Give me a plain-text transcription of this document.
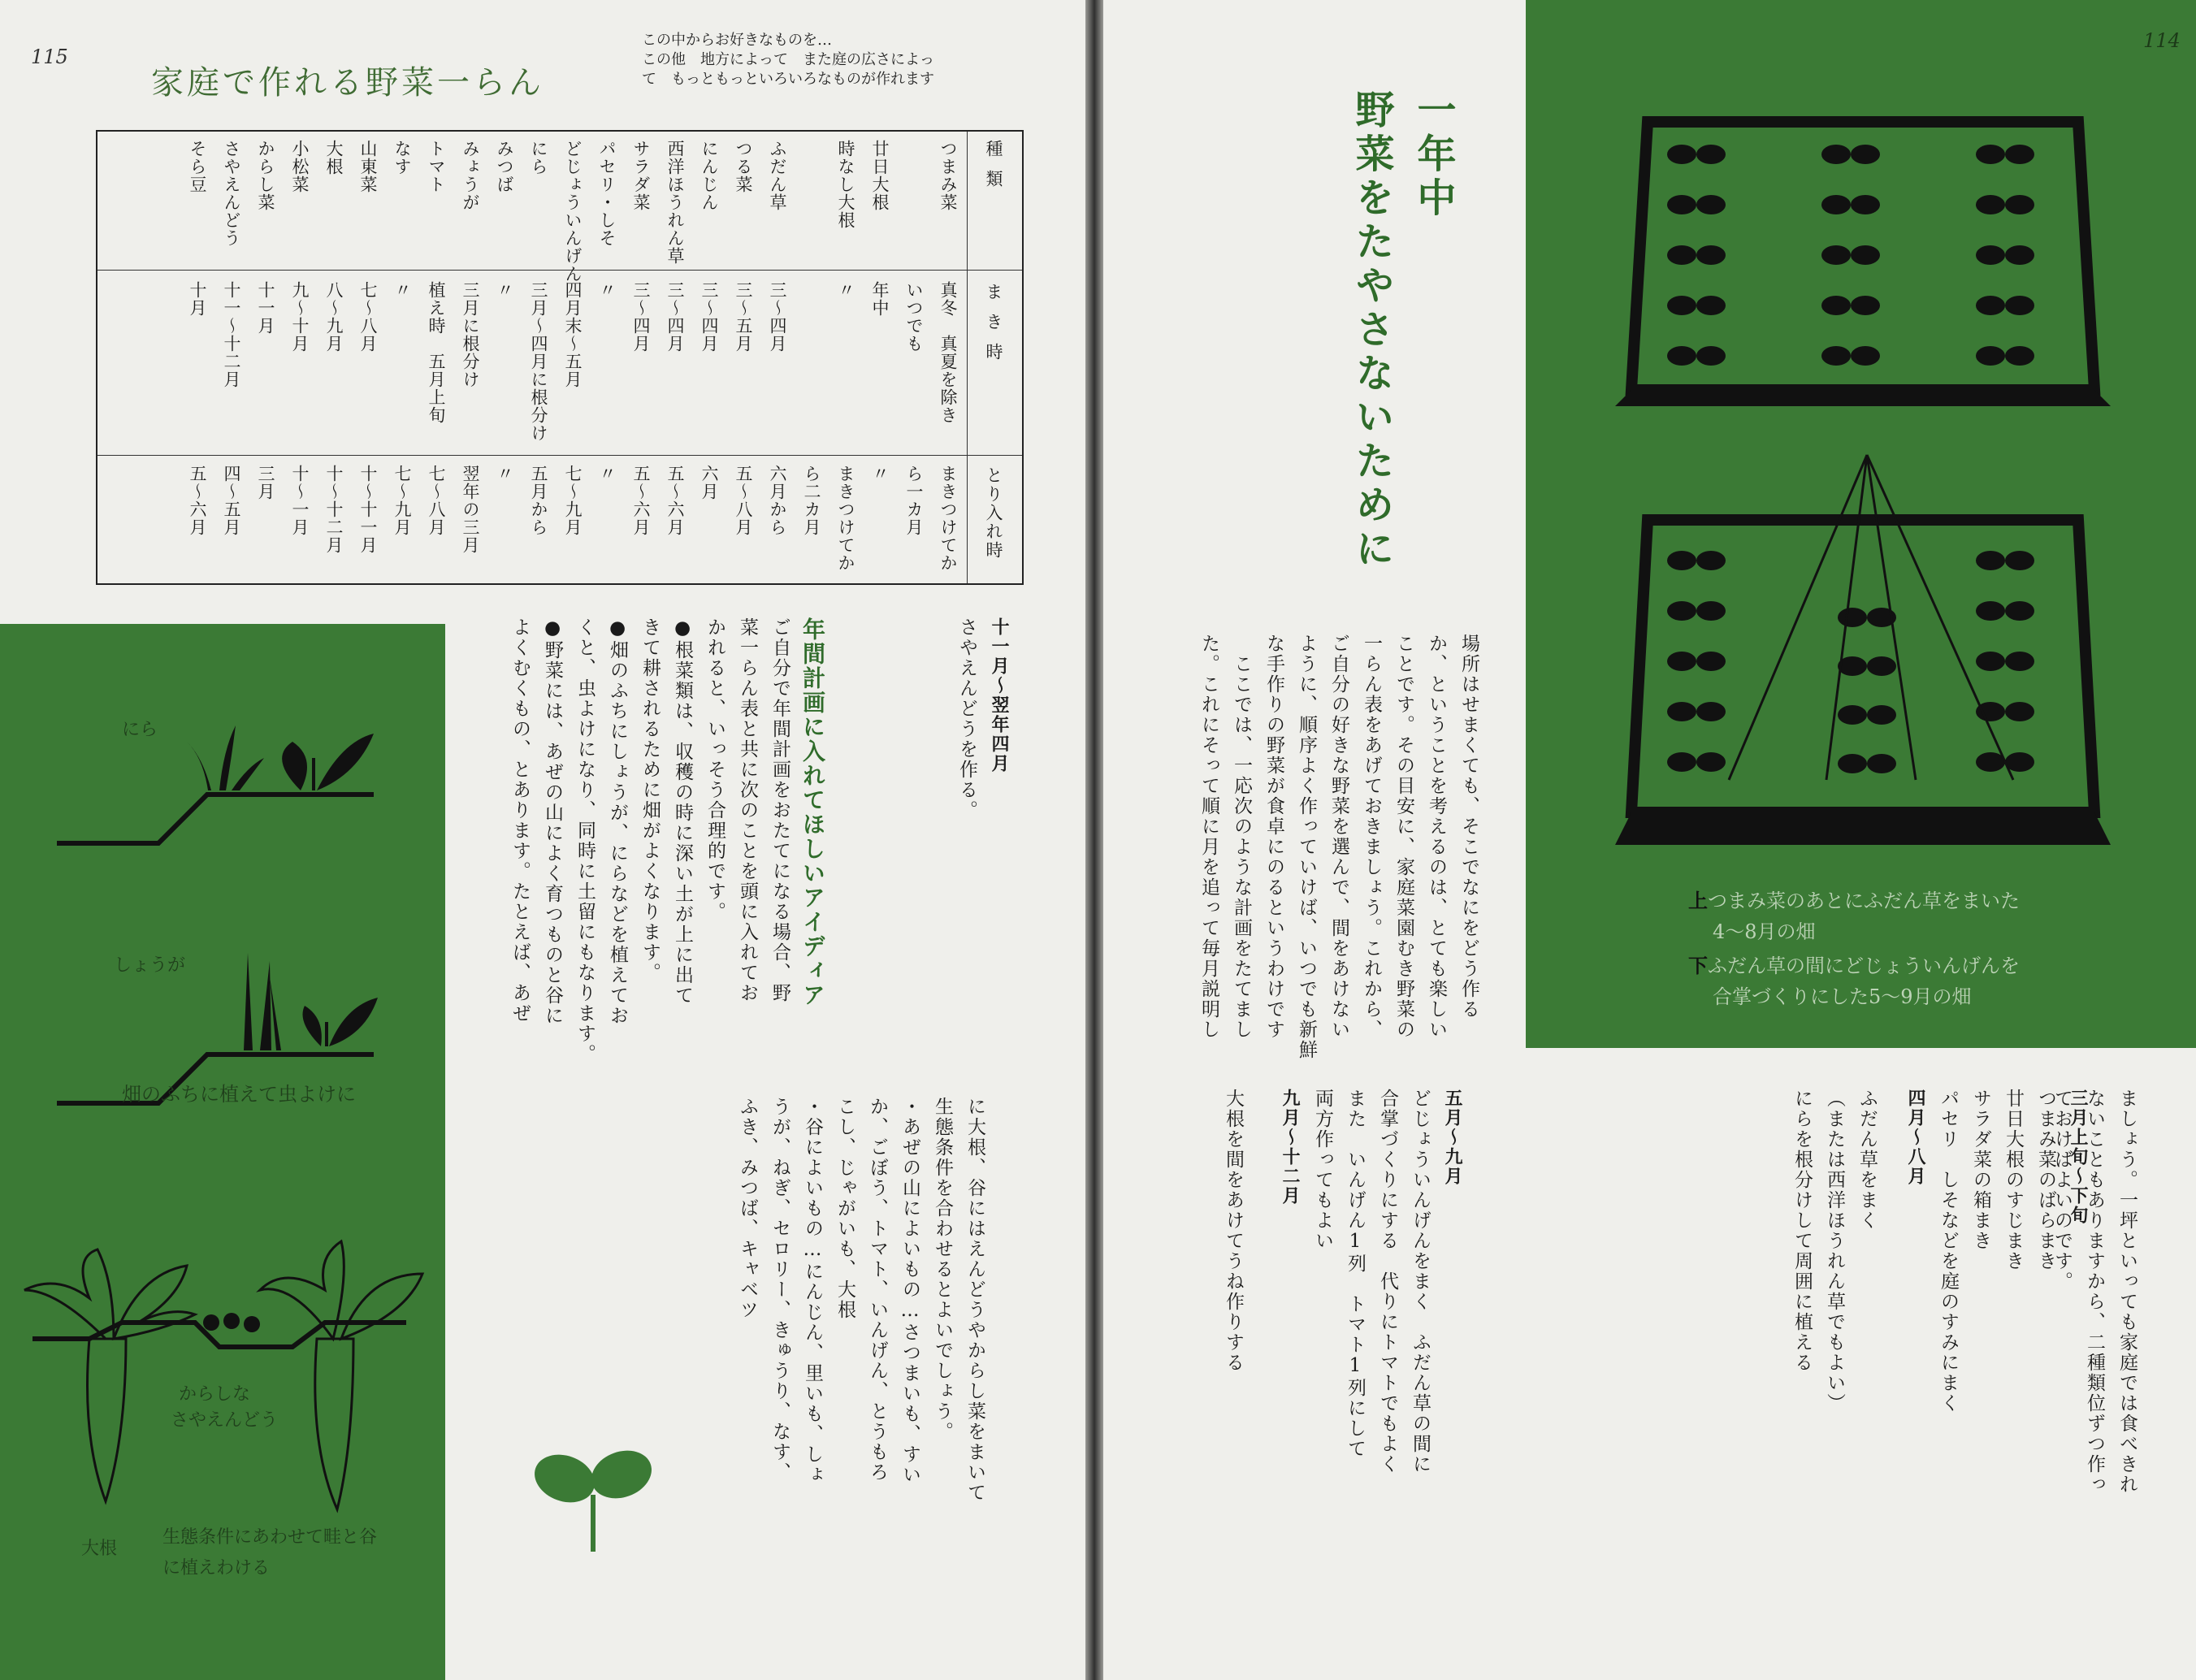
115
家庭で作れる野菜一らん
この中からお好きなものを…
この他　地方によって　また庭の広さによっ
て　もっともっといろいろなものが作れます
種類
まき時
とり入れ時
つまみ菜
真冬　真夏を除き
まきつけてか
いつでも
ら一カ月
廿日大根
年中
〃
時なし大根
〃
まきつけてか
ら二カ月
ふだん草
三～四月
六月から
つる菜
三～五月
五～八月
にんじん
三～四月
六月
西洋ほうれん草
三～四月
五～六月
サラダ菜
三～四月
五～六月
パセリ・しそ
〃
〃
どじょういんげん
四月末～五月
七～九月
にら
三月～四月に根分け
五月から
みつば
〃
〃
みょうが
三月に根分け
翌年の三月
トマト
植え時　五月上旬
七～八月
なす
〃
七～九月
山東菜
七～八月
十～十一月
大根
八～九月
十～十二月
小松菜
九～十月
十～一月
からし菜
十一月
三月
さやえんどう
十一～十二月
四～五月
そら豆
十月
五～六月
にら
しょうが
畑のふちに植えて虫よけに
からしな
さやえんどう
大根
生態条件にあわせて畦と谷
に植えわける

十一月～翌年四月

さやえんどうを作る。

年間計画に入れてほしいアイディア

ご自分で年間計画をおたてになる場合、野

菜一らん表と共に次のことを頭に入れてお

かれると、いっそう合理的です。

●根菜類は、収穫の時に深い土が上に出て

きて耕されるために畑がよくなります。

●畑のふちにしょうが、にらなどを植えてお

くと、虫よけになり、同時に土留にもなります。

●野菜には、あぜの山によく育つものと谷に

よくむくもの、とあります。たとえば、あぜ

に大根、谷にはえんどうやからし菜をまいて

生態条件を合わせるとよいでしょう。

・あぜの山によいもの…さつまいも、すい

か、ごぼう、トマト、いんげん、とうもろ

こし、じゃがいも、大根

・谷によいもの…にんじん、里いも、しょ

うが、ねぎ、セロリー、きゅうり、なす、

ふき、みつば、キャベツ

114
上つまみ菜のあとにふだん草をまいた
4～8月の畑
下ふだん草の間にどじょういんげんを
合掌づくりにした5～9月の畑
一年中
野菜をたやさないために

場所はせまくても、そこでなにをどう作る

か、ということを考えるのは、とても楽しい

ことです。その目安に、家庭菜園むき野菜の

一らん表をあげておきましょう。これから、

ご自分の好きな野菜を選んで、間をあけない

ように、順序よく作っていけば、いつでも新鮮

な手作りの野菜が食卓にのるというわけです

　ここでは、一応次のような計画をたてまし

た。これにそって順に月を追って毎月説明し

ましょう。一坪といっても家庭では食べきれ

ないこともありますから、二種類位ずつ作っ

ておけばよいのです。

三月上旬～下旬

つまみ菜のばらまき

廿日大根のすじまき

サラダ菜の箱まき

パセリ　しそなどを庭のすみにまく

四月～八月

ふだん草をまく

（または西洋ほうれん草でもよい）

にらを根分けして周囲に植える

五月～九月

どじょういんげんをまく　ふだん草の間に

合掌づくりにする　代りにトマトでもよく

また　いんげん1列　トマト1列にして

両方作ってもよい

九月～十二月

大根を間をあけてうね作りする
